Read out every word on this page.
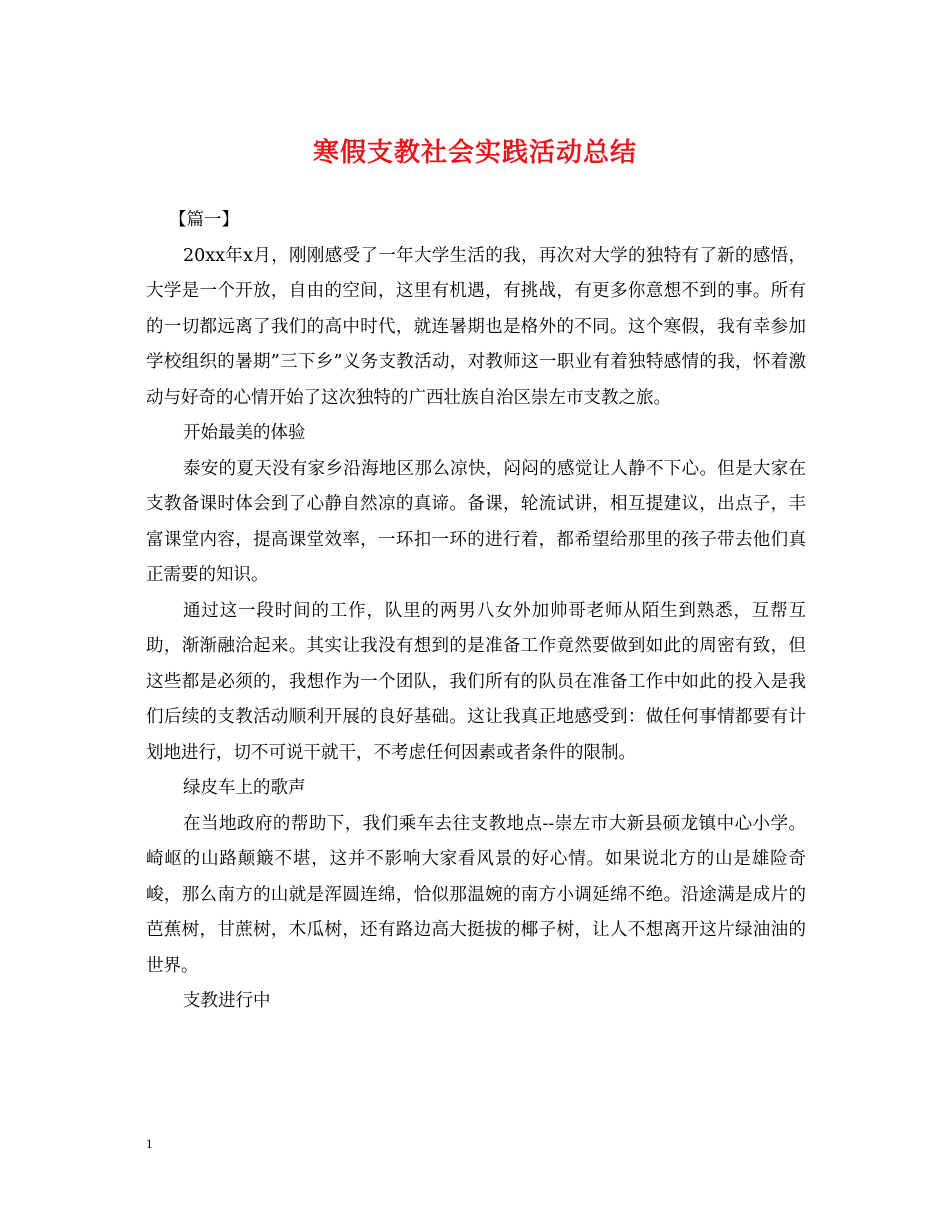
寒假支教社会实践活动总结

【篇一】

20xx年x月，刚刚感受了一年大学生活的我，再次对大学的独特有了新的感悟，大学是一个开放，自由的空间，这里有机遇，有挑战，有更多你意想不到的事。所有的一切都远离了我们的高中时代，就连暑期也是格外的不同。这个寒假，我有幸参加学校组织的暑期”三下乡”义务支教活动，对教师这一职业有着独特感情的我，怀着激动与好奇的心情开始了这次独特的广西壮族自治区崇左市支教之旅。

开始最美的体验

泰安的夏天没有家乡沿海地区那么凉快，闷闷的感觉让人静不下心。但是大家在支教备课时体会到了心静自然凉的真谛。备课，轮流试讲，相互提建议，出点子，丰富课堂内容，提高课堂效率，一环扣一环的进行着，都希望给那里的孩子带去他们真正需要的知识。

通过这一段时间的工作，队里的两男八女外加帅哥老师从陌生到熟悉，互帮互助，渐渐融洽起来。其实让我没有想到的是准备工作竟然要做到如此的周密有致，但这些都是必须的，我想作为一个团队，我们所有的队员在准备工作中如此的投入是我们后续的支教活动顺利开展的良好基础。这让我真正地感受到：做任何事情都要有计划地进行，切不可说干就干，不考虑任何因素或者条件的限制。

绿皮车上的歌声

在当地政府的帮助下，我们乘车去往支教地点--崇左市大新县硕龙镇中心小学。崎岖的山路颠簸不堪，这并不影响大家看风景的好心情。如果说北方的山是雄险奇峻，那么南方的山就是浑圆连绵，恰似那温婉的南方小调延绵不绝。沿途满是成片的芭蕉树，甘蔗树，木瓜树，还有路边高大挺拔的椰子树，让人不想离开这片绿油油的世界。

支教进行中

1
